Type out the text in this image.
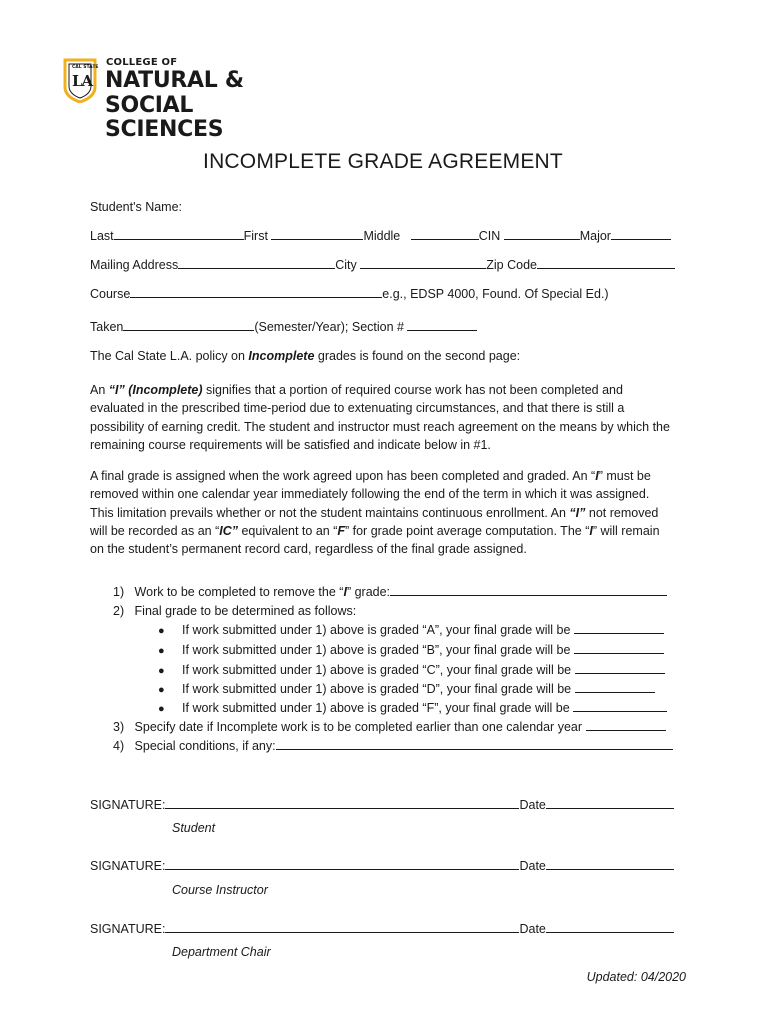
CAL STATE
LA
COLLEGE OF
NATURAL &
SOCIAL SCIENCES
INCOMPLETE GRADE AGREEMENT
Student's Name:
Last	First	Middle	CIN	Major
Mailing Address	City	Zip Code
Course	e.g., EDSP 4000, Found. Of Special Ed.)
Taken	(Semester/Year); Section #
The Cal State L.A. policy on Incomplete grades is found on the second page:
An “I” (Incomplete) signifies that a portion of required course work has not been completed and evaluated in the prescribed time-period due to extenuating circumstances, and that there is still a possibility of earning credit. The student and instructor must reach agreement on the means by which the remaining course requirements will be satisfied and indicate below in #1.
A final grade is assigned when the work agreed upon has been completed and graded. An “I” must be removed within one calendar year immediately following the end of the term in which it was assigned. This limitation prevails whether or not the student maintains continuous enrollment. An “I” not removed will be recorded as an “IC” equivalent to an “F” for grade point average computation. The “I” will remain on the student’s permanent record card, regardless of the final grade assigned.
1) Work to be completed to remove the “I” grade:
2) Final grade to be determined as follows:
● If work submitted under 1) above is graded “A”, your final grade will be
● If work submitted under 1) above is graded “B”, your final grade will be
● If work submitted under 1) above is graded “C”, your final grade will be
● If work submitted under 1) above is graded “D”, your final grade will be
● If work submitted under 1) above is graded “F”, your final grade will be
3) Specify date if Incomplete work is to be completed earlier than one calendar year
4) Special conditions, if any:
SIGNATURE:	Date
Student
SIGNATURE:	Date
Course Instructor
SIGNATURE:	Date
Department Chair
Updated: 04/2020
